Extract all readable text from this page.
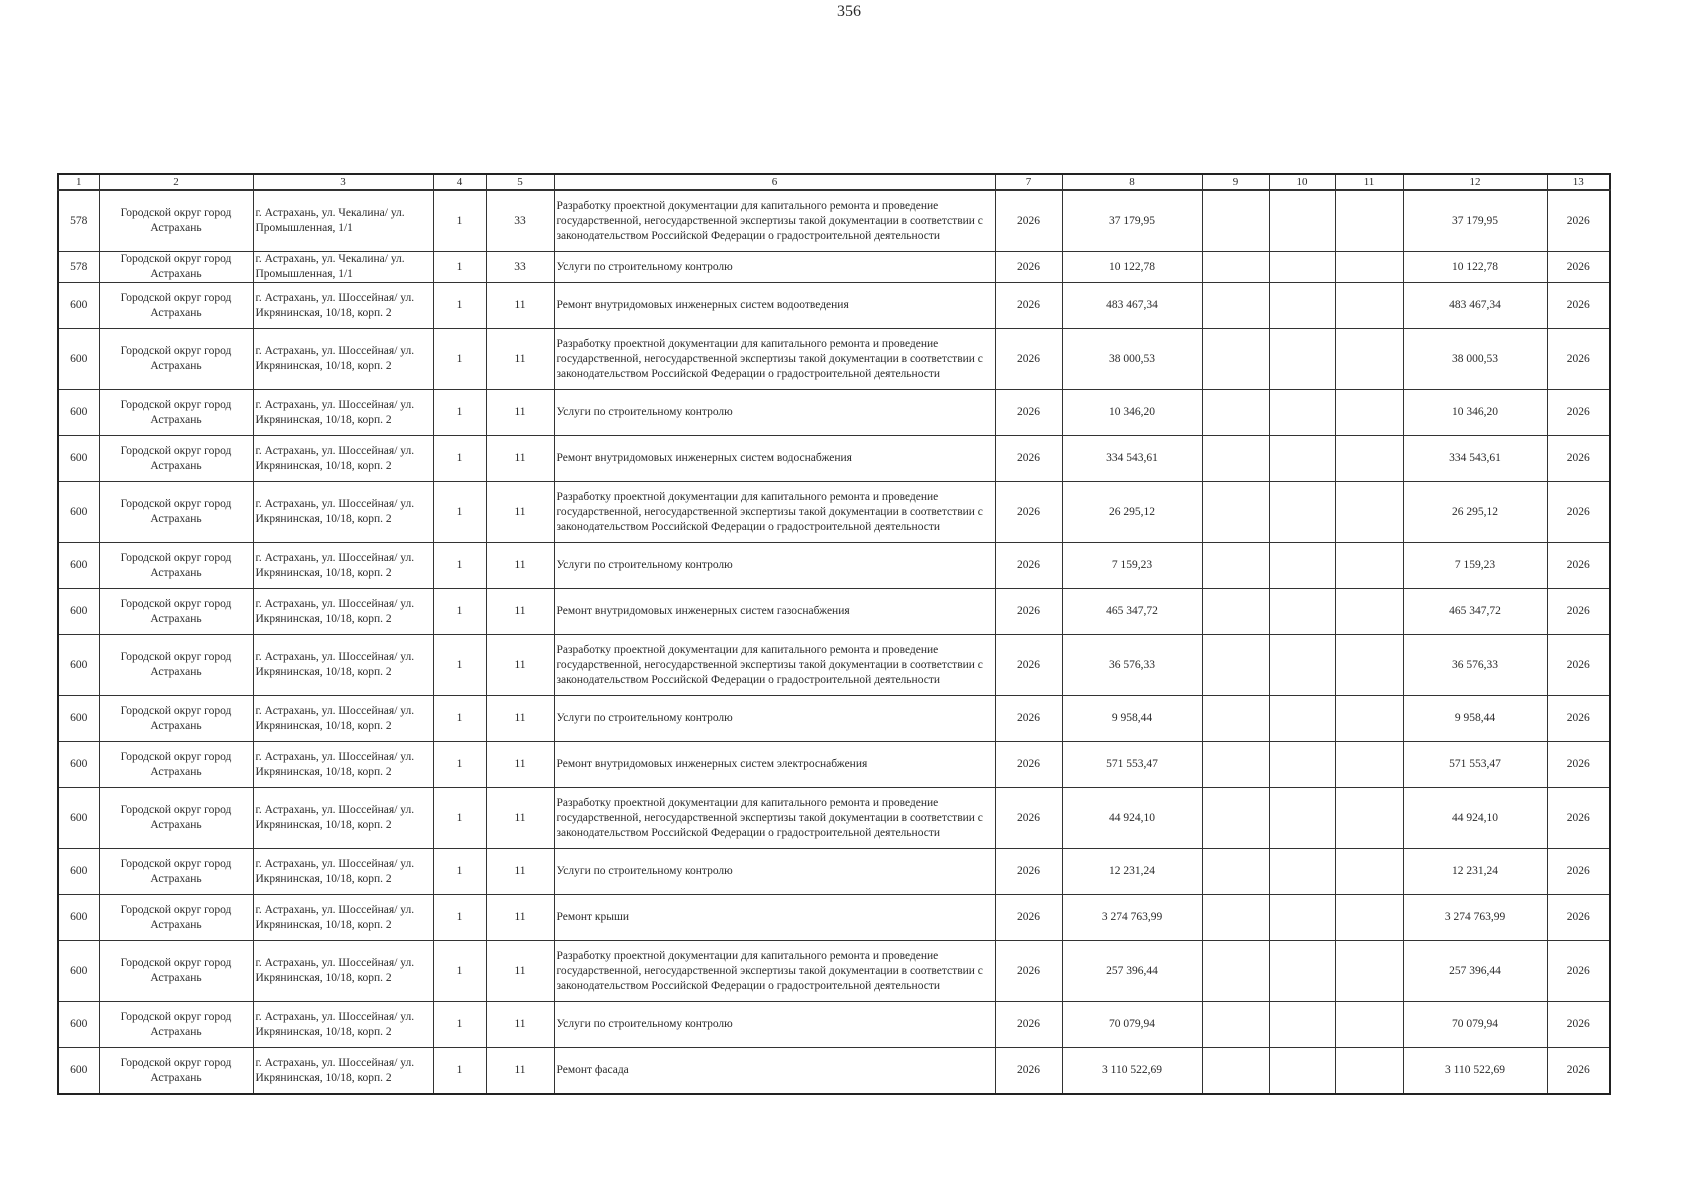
356
1	2	3	4	5	6	7	8	9	10	11	12	13
578	Городской округ город Астрахань	г. Астрахань, ул. Чекалина/ ул. Промышленная, 1/1	1	33	Разработку проектной документации для капитального ремонта и проведение государственной, негосударственной экспертизы такой документации в соответствии с законодательством Российской Федерации о градостроительной деятельности	2026	37 179,95				37 179,95	2026
578	Городской округ город Астрахань	г. Астрахань, ул. Чекалина/ ул. Промышленная, 1/1	1	33	Услуги по строительному контролю	2026	10 122,78				10 122,78	2026
600	Городской округ город Астрахань	г. Астрахань, ул. Шоссейная/ ул. Икрянинская, 10/18, корп. 2	1	11	Ремонт внутридомовых инженерных систем водоотведения	2026	483 467,34				483 467,34	2026
600	Городской округ город Астрахань	г. Астрахань, ул. Шоссейная/ ул. Икрянинская, 10/18, корп. 2	1	11	Разработку проектной документации для капитального ремонта и проведение государственной, негосударственной экспертизы такой документации в соответствии с законодательством Российской Федерации о градостроительной деятельности	2026	38 000,53				38 000,53	2026
600	Городской округ город Астрахань	г. Астрахань, ул. Шоссейная/ ул. Икрянинская, 10/18, корп. 2	1	11	Услуги по строительному контролю	2026	10 346,20				10 346,20	2026
600	Городской округ город Астрахань	г. Астрахань, ул. Шоссейная/ ул. Икрянинская, 10/18, корп. 2	1	11	Ремонт внутридомовых инженерных систем водоснабжения	2026	334 543,61				334 543,61	2026
600	Городской округ город Астрахань	г. Астрахань, ул. Шоссейная/ ул. Икрянинская, 10/18, корп. 2	1	11	Разработку проектной документации для капитального ремонта и проведение государственной, негосударственной экспертизы такой документации в соответствии с законодательством Российской Федерации о градостроительной деятельности	2026	26 295,12				26 295,12	2026
600	Городской округ город Астрахань	г. Астрахань, ул. Шоссейная/ ул. Икрянинская, 10/18, корп. 2	1	11	Услуги по строительному контролю	2026	7 159,23				7 159,23	2026
600	Городской округ город Астрахань	г. Астрахань, ул. Шоссейная/ ул. Икрянинская, 10/18, корп. 2	1	11	Ремонт внутридомовых инженерных систем газоснабжения	2026	465 347,72				465 347,72	2026
600	Городской округ город Астрахань	г. Астрахань, ул. Шоссейная/ ул. Икрянинская, 10/18, корп. 2	1	11	Разработку проектной документации для капитального ремонта и проведение государственной, негосударственной экспертизы такой документации в соответствии с законодательством Российской Федерации о градостроительной деятельности	2026	36 576,33				36 576,33	2026
600	Городской округ город Астрахань	г. Астрахань, ул. Шоссейная/ ул. Икрянинская, 10/18, корп. 2	1	11	Услуги по строительному контролю	2026	9 958,44				9 958,44	2026
600	Городской округ город Астрахань	г. Астрахань, ул. Шоссейная/ ул. Икрянинская, 10/18, корп. 2	1	11	Ремонт внутридомовых инженерных систем электроснабжения	2026	571 553,47				571 553,47	2026
600	Городской округ город Астрахань	г. Астрахань, ул. Шоссейная/ ул. Икрянинская, 10/18, корп. 2	1	11	Разработку проектной документации для капитального ремонта и проведение государственной, негосударственной экспертизы такой документации в соответствии с законодательством Российской Федерации о градостроительной деятельности	2026	44 924,10				44 924,10	2026
600	Городской округ город Астрахань	г. Астрахань, ул. Шоссейная/ ул. Икрянинская, 10/18, корп. 2	1	11	Услуги по строительному контролю	2026	12 231,24				12 231,24	2026
600	Городской округ город Астрахань	г. Астрахань, ул. Шоссейная/ ул. Икрянинская, 10/18, корп. 2	1	11	Ремонт крыши	2026	3 274 763,99				3 274 763,99	2026
600	Городской округ город Астрахань	г. Астрахань, ул. Шоссейная/ ул. Икрянинская, 10/18, корп. 2	1	11	Разработку проектной документации для капитального ремонта и проведение государственной, негосударственной экспертизы такой документации в соответствии с законодательством Российской Федерации о градостроительной деятельности	2026	257 396,44				257 396,44	2026
600	Городской округ город Астрахань	г. Астрахань, ул. Шоссейная/ ул. Икрянинская, 10/18, корп. 2	1	11	Услуги по строительному контролю	2026	70 079,94				70 079,94	2026
600	Городской округ город Астрахань	г. Астрахань, ул. Шоссейная/ ул. Икрянинская, 10/18, корп. 2	1	11	Ремонт фасада	2026	3 110 522,69				3 110 522,69	2026
